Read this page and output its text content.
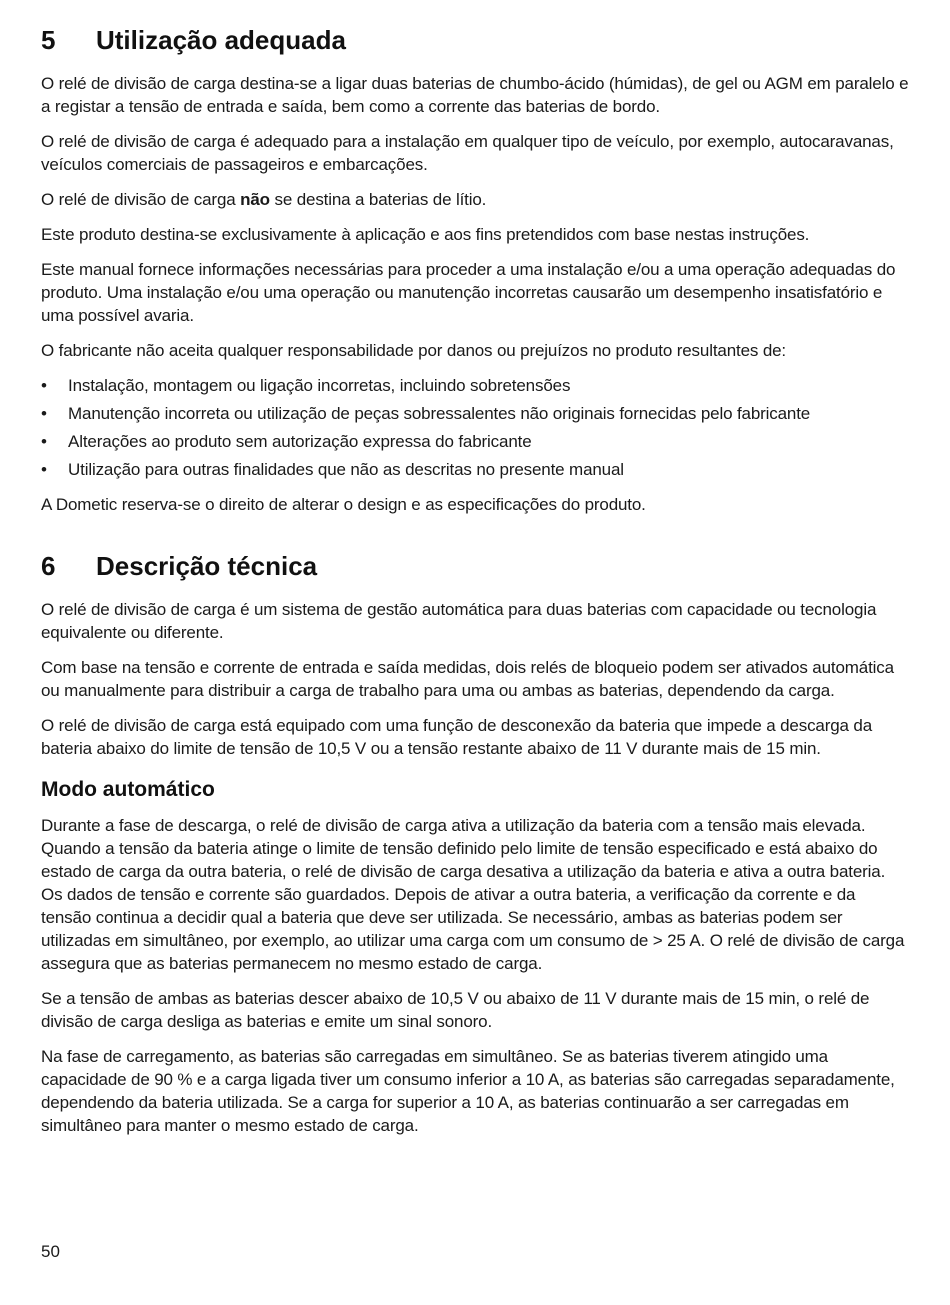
5	Utilização adequada

O relé de divisão de carga destina-se a ligar duas baterias de chumbo-ácido (húmidas), de gel ou AGM em paralelo e a registar a tensão de entrada e saída, bem como a corrente das baterias de bordo.

O relé de divisão de carga é adequado para a instalação em qualquer tipo de veículo, por exemplo, autocaravanas, veículos comerciais de passageiros e embarcações.

O relé de divisão de carga não se destina a baterias de lítio.

Este produto destina-se exclusivamente à aplicação e aos fins pretendidos com base nestas instruções.

Este manual fornece informações necessárias para proceder a uma instalação e/ou a uma operação adequadas do produto. Uma instalação e/ou uma operação ou manutenção incorretas causarão um desempenho insatisfatório e uma possível avaria.

O fabricante não aceita qualquer responsabilidade por danos ou prejuízos no produto resultantes de:

• Instalação, montagem ou ligação incorretas, incluindo sobretensões
• Manutenção incorreta ou utilização de peças sobressalentes não originais fornecidas pelo fabricante
• Alterações ao produto sem autorização expressa do fabricante
• Utilização para outras finalidades que não as descritas no presente manual

A Dometic reserva-se o direito de alterar o design e as especificações do produto.

6	Descrição técnica

O relé de divisão de carga é um sistema de gestão automática para duas baterias com capacidade ou tecnologia equivalente ou diferente.

Com base na tensão e corrente de entrada e saída medidas, dois relés de bloqueio podem ser ativados automática ou manualmente para distribuir a carga de trabalho para uma ou ambas as baterias, dependendo da carga.

O relé de divisão de carga está equipado com uma função de desconexão da bateria que impede a descarga da bateria abaixo do limite de tensão de 10,5 V ou a tensão restante abaixo de 11 V durante mais de 15 min.

Modo automático

Durante a fase de descarga, o relé de divisão de carga ativa a utilização da bateria com a tensão mais elevada. Quando a tensão da bateria atinge o limite de tensão definido pelo limite de tensão especificado e está abaixo do estado de carga da outra bateria, o relé de divisão de carga desativa a utilização da bateria e ativa a outra bateria. Os dados de tensão e corrente são guardados. Depois de ativar a outra bateria, a verificação da corrente e da tensão continua a decidir qual a bateria que deve ser utilizada. Se necessário, ambas as baterias podem ser utilizadas em simultâneo, por exemplo, ao utilizar uma carga com um consumo de > 25 A. O relé de divisão de carga assegura que as baterias permanecem no mesmo estado de carga.

Se a tensão de ambas as baterias descer abaixo de 10,5 V ou abaixo de 11 V durante mais de 15 min, o relé de divisão de carga desliga as baterias e emite um sinal sonoro.

Na fase de carregamento, as baterias são carregadas em simultâneo. Se as baterias tiverem atingido uma capacidade de 90 % e a carga ligada tiver um consumo inferior a 10 A, as baterias são carregadas separadamente, dependendo da bateria utilizada. Se a carga for superior a 10 A, as baterias continuarão a ser carregadas em simultâneo para manter o mesmo estado de carga.

50
